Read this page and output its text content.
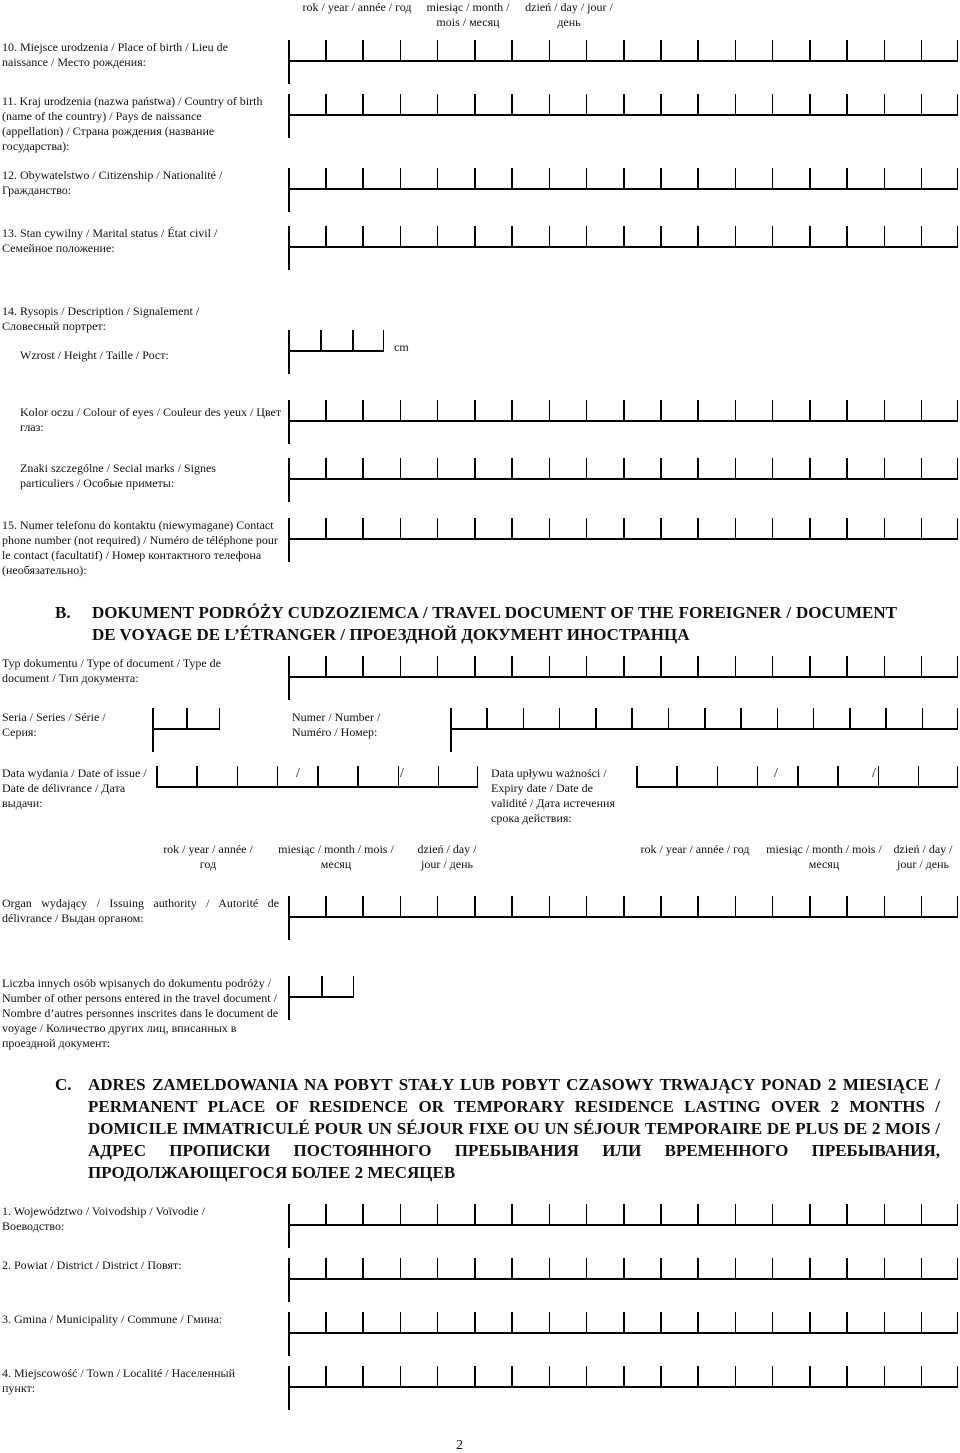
rok / year / année / год	miesiąc / month / mois / месяц
dzień / day / jour / день
10. Miejsce urodzenia / Place of birth / Lieu de naissance / Место рождения:
11. Kraj urodzenia (nazwa państwa) / Country of birth (name of the country) / Pays de naissance (appellation) / Страна рождения (название государства):
12. Obywatelstwo / Citizenship / Nationalité / Гражданство:
13. Stan cywilny / Marital status / État civil / Семейное положение:
14. Rysopis / Description / Signalement / Словесный портрет:
Wzrost / Height / Taille / Рост:
cm
Kolor oczu / Colour of eyes / Couleur des yeux / Цвет глаз:
Znaki szczególne / Secial marks / Signes particuliers / Особые приметы:
15. Numer telefonu do kontaktu (niewymagane) Contact phone number (not required) / Numéro de téléphone pour le contact (facultatif) / Номер контактного телефона (необязательно):
B. DOKUMENT PODRÓŻY CUDZOZIEMCA / TRAVEL DOCUMENT OF THE FOREIGNER / DOCUMENT DE VOYAGE DE L’ÉTRANGER / ПРОЕЗДНОЙ ДОКУМЕНТ ИНОСТРАНЦА
Typ dokumentu / Type of document / Type de document / Тип документа:
Seria / Series / Série / Серия:
Numer / Number / Numéro / Номер:
Data wydania / Date of issue / Date de délivrance / Дата выдачи:
/	/
rok / year / année / год
miesiąc / month / mois / месяц
dzień / day / jour / день
Data upływu ważności / Expiry date / Date de validité / Дата истечения срока действия:
/	/
rok / year / année / год	miesiąc / month / mois / месяц
dzień / day / jour / день
Organ wydający / Issuing authority / Autorité de délivrance / Выдан органом:
Liczba innych osób wpisanych do dokumentu podróży / Number of other persons entered in the travel document / Nombre d’autres personnes inscrites dans le document de voyage / Количество других лиц, вписанных в проездной документ:
C. ADRES ZAMELDOWANIA NA POBYT STAŁY LUB POBYT CZASOWY TRWAJĄCY PONAD 2 MIESIĄCE / PERMANENT PLACE OF RESIDENCE OR TEMPORARY RESIDENCE LASTING OVER 2 MONTHS / DOMICILE IMMATRICULÉ POUR UN SÉJOUR FIXE OU UN SÉJOUR TEMPORAIRE DE PLUS DE 2 MOIS / АДРЕС ПРОПИСКИ ПОСТОЯННОГО ПРЕБЫВАНИЯ ИЛИ ВРЕМЕННОГО ПРЕБЫВАНИЯ, ПРОДОЛЖАЮЩЕГОСЯ БОЛЕЕ 2 МЕСЯЦЕВ
1. Województwo / Voivodship / Voïvodie / Воеводство:
2. Powiat / District / District / Повят:
3. Gmina / Municipality / Commune / Гмина:
4. Miejscowość / Town / Localité / Населенный пункт:
2
